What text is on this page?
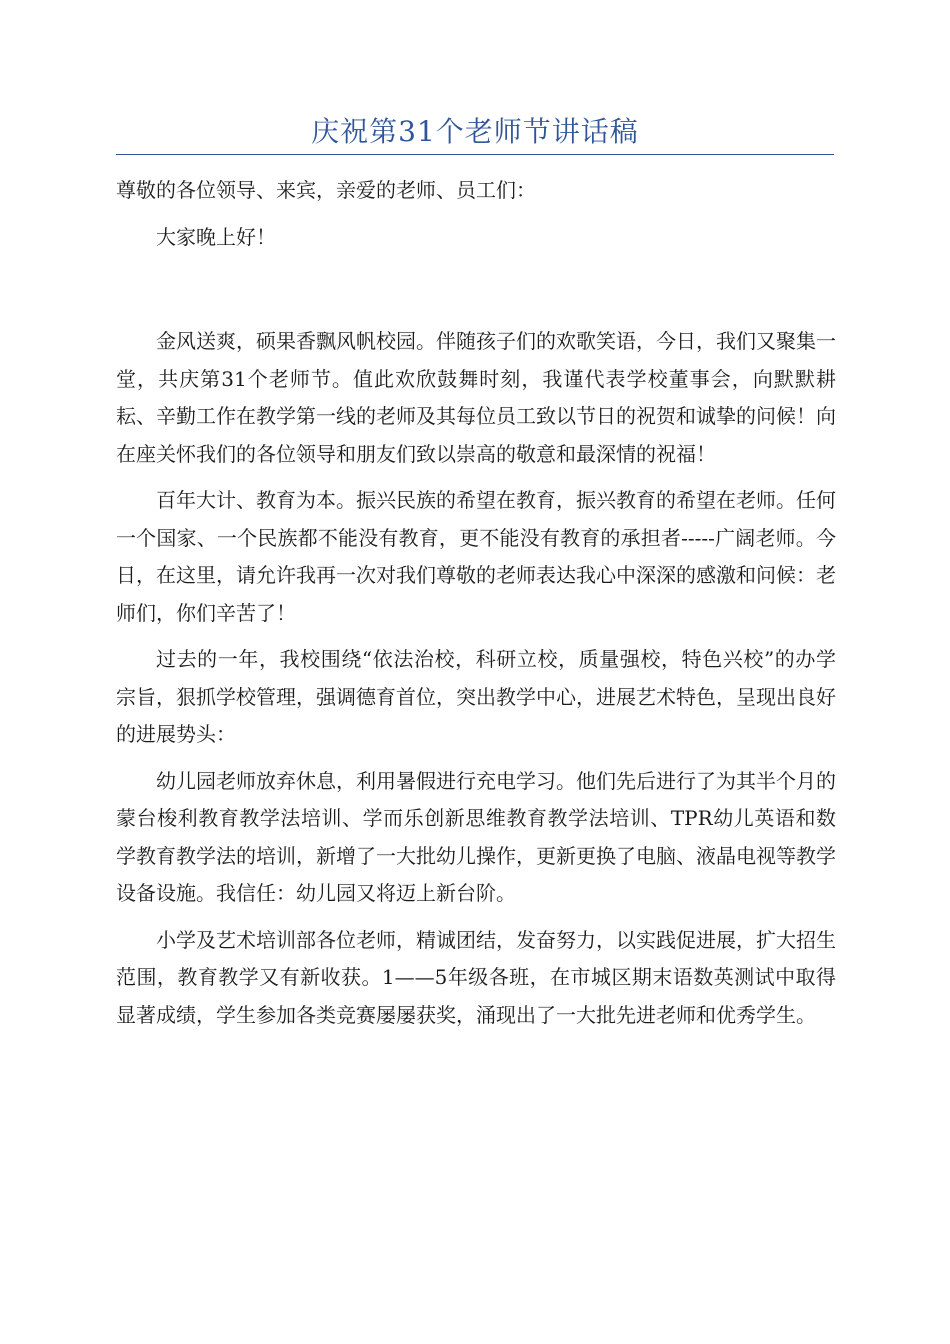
庆祝第31个老师节讲话稿

尊敬的各位领导、来宾，亲爱的老师、员工们：

大家晚上好！

金风送爽，硕果香飘风帆校园。伴随孩子们的欢歌笑语，今日，我们又聚集一堂，共庆第31个老师节。值此欢欣鼓舞时刻，我谨代表学校董事会，向默默耕耘、辛勤工作在教学第一线的老师及其每位员工致以节日的祝贺和诚挚的问候！向在座关怀我们的各位领导和朋友们致以崇高的敬意和最深情的祝福！

百年大计、教育为本。振兴民族的希望在教育，振兴教育的希望在老师。任何一个国家、一个民族都不能没有教育，更不能没有教育的承担者-----广阔老师。今日，在这里，请允许我再一次对我们尊敬的老师表达我心中深深的感激和问候：老师们，你们辛苦了！

过去的一年，我校围绕“依法治校，科研立校，质量强校，特色兴校”的办学宗旨，狠抓学校管理，强调德育首位，突出教学中心，进展艺术特色，呈现出良好的进展势头：

幼儿园老师放弃休息，利用暑假进行充电学习。他们先后进行了为其半个月的蒙台梭利教育教学法培训、学而乐创新思维教育教学法培训、TPR幼儿英语和数学教育教学法的培训，新增了一大批幼儿操作，更新更换了电脑、液晶电视等教学设备设施。我信任：幼儿园又将迈上新台阶。

小学及艺术培训部各位老师，精诚团结，发奋努力，以实践促进展，扩大招生范围，教育教学又有新收获。1——5年级各班，在市城区期末语数英测试中取得显著成绩，学生参加各类竞赛屡屡获奖，涌现出了一大批先进老师和优秀学生。
